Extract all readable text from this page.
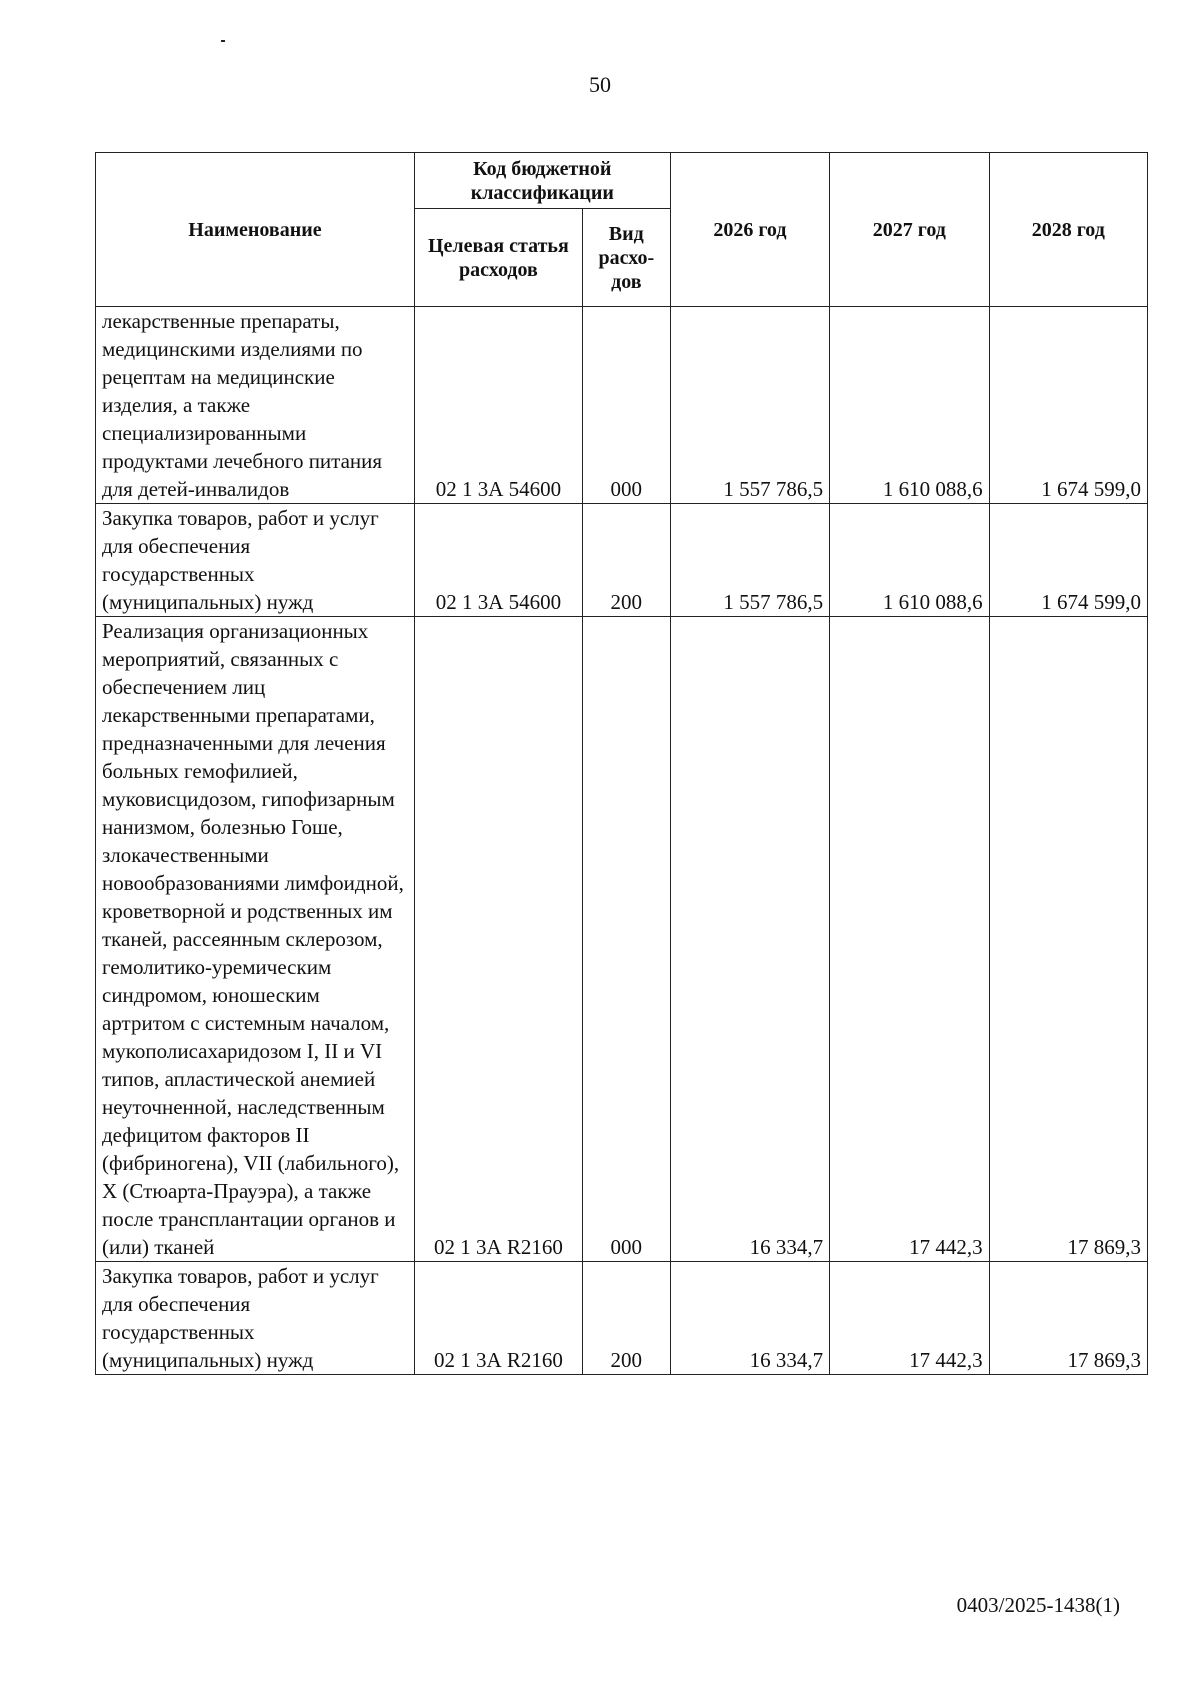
50
Наименование	Код бюджетной классификации		2026 год	2027 год	2028 год
	Целевая статья расходов	Вид расхо-дов			

лекарственные препараты, медицинскими изделиями по рецептам на медицинские изделия, а также специализированными продуктами лечебного питания для детей-инвалидов	02 1 3А 54600	000	1 557 786,5	1 610 088,6	1 674 599,0

Закупка товаров, работ и услуг для обеспечения государственных (муниципальных) нужд	02 1 3А 54600	200	1 557 786,5	1 610 088,6	1 674 599,0

Реализация организационных мероприятий, связанных с обеспечением лиц лекарственными препаратами, предназначенными для лечения больных гемофилией, муковисцидозом, гипофизарным нанизмом, болезнью Гоше, злокачественными новообразованиями лимфоидной, кроветворной и родственных им тканей, рассеянным склерозом, гемолитико-уремическим синдромом, юношеским артритом с системным началом, мукополисахаридозом I, II и VI типов, апластической анемией неуточненной, наследственным дефицитом факторов II (фибриногена), VII (лабильного), X (Стюарта-Прауэра), а также после трансплантации органов и (или) тканей	02 1 3А R2160	000	16 334,7	17 442,3	17 869,3

Закупка товаров, работ и услуг для обеспечения государственных (муниципальных) нужд	02 1 3А R2160	200	16 334,7	17 442,3	17 869,3
0403/2025-1438(1)
